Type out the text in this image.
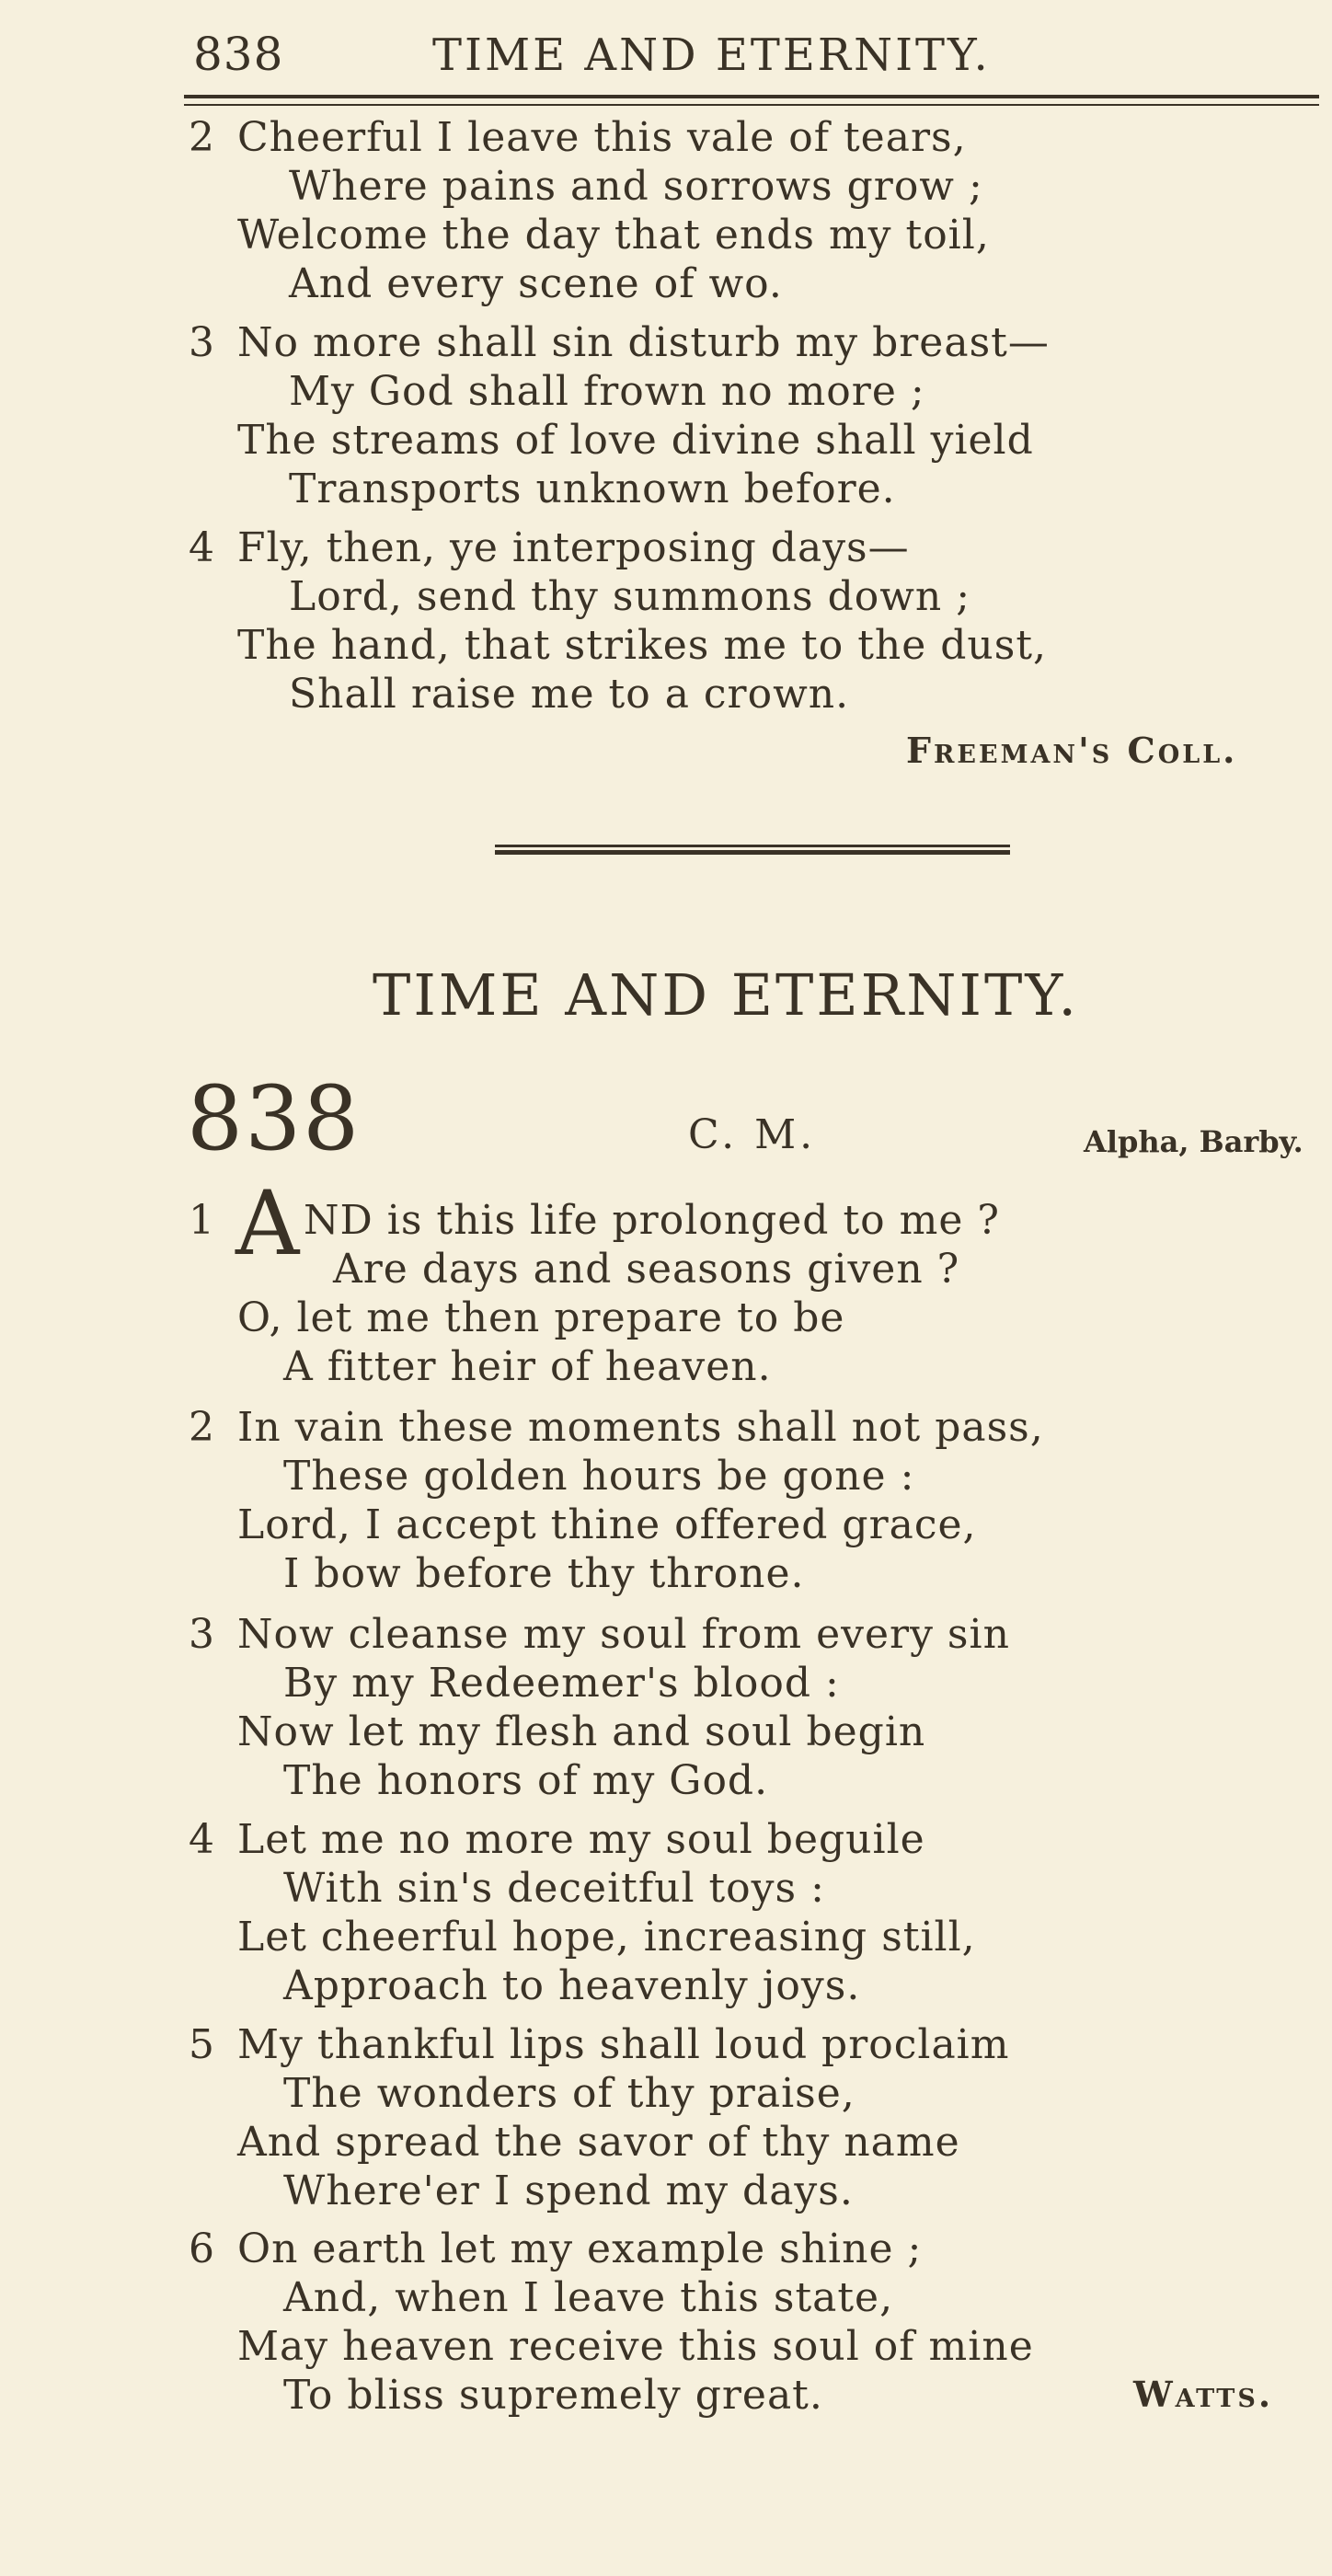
838	TIME AND ETERNITY.
2 Cheerful I leave this vale of tears,
Where pains and sorrows grow ;
Welcome the day that ends my toil,
And every scene of wo.
3 No more shall sin disturb my breast—
My God shall frown no more ;
The streams of love divine shall yield
Transports unknown before.
4 Fly, then, ye interposing days—
Lord, send thy summons down ;
The hand, that strikes me to the dust,
Shall raise me to a crown.
Freeman's Coll.
TIME AND ETERNITY.
838	C. M.	Alpha, Barby.
1 A ND is this life prolonged to me ?
Are days and seasons given ?
O, let me then prepare to be
A fitter heir of heaven.
2 In vain these moments shall not pass,
These golden hours be gone :
Lord, I accept thine offered grace,
I bow before thy throne.
3 Now cleanse my soul from every sin
By my Redeemer's blood :
Now let my flesh and soul begin
The honors of my God.
4 Let me no more my soul beguile
With sin's deceitful toys :
Let cheerful hope, increasing still,
Approach to heavenly joys.
5 My thankful lips shall loud proclaim
The wonders of thy praise,
And spread the savor of thy name
Where'er I spend my days.
6 On earth let my example shine ;
And, when I leave this state,
May heaven receive this soul of mine
To bliss supremely great.	Watts.
